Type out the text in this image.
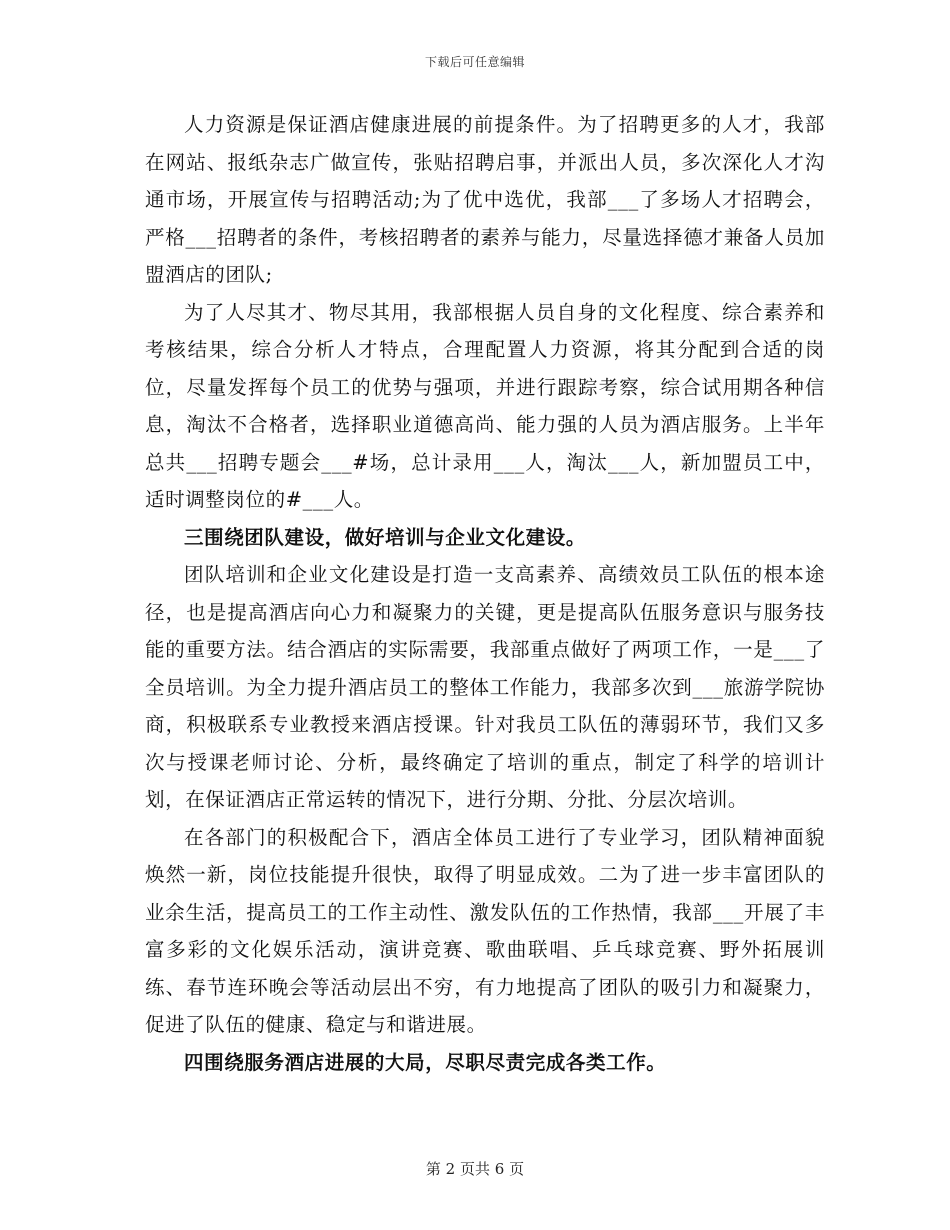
下载后可任意编辑

人力资源是保证酒店健康进展的前提条件。为了招聘更多的人才，我部在网站、报纸杂志广做宣传，张贴招聘启事，并派出人员，多次深化人才沟通市场，开展宣传与招聘活动;为了优中选优，我部___了多场人才招聘会，严格___招聘者的条件，考核招聘者的素养与能力，尽量选择德才兼备人员加盟酒店的团队;

为了人尽其才、物尽其用，我部根据人员自身的文化程度、综合素养和考核结果，综合分析人才特点，合理配置人力资源，将其分配到合适的岗位，尽量发挥每个员工的优势与强项，并进行跟踪考察，综合试用期各种信息，淘汰不合格者，选择职业道德高尚、能力强的人员为酒店服务。上半年总共___招聘专题会___#场，总计录用___人，淘汰___人，新加盟员工中，适时调整岗位的#___人。

三围绕团队建设，做好培训与企业文化建设。

团队培训和企业文化建设是打造一支高素养、高绩效员工队伍的根本途径，也是提高酒店向心力和凝聚力的关键，更是提高队伍服务意识与服务技能的重要方法。结合酒店的实际需要，我部重点做好了两项工作，一是___了全员培训。为全力提升酒店员工的整体工作能力，我部多次到___旅游学院协商，积极联系专业教授来酒店授课。针对我员工队伍的薄弱环节，我们又多次与授课老师讨论、分析，最终确定了培训的重点，制定了科学的培训计划，在保证酒店正常运转的情况下，进行分期、分批、分层次培训。

在各部门的积极配合下，酒店全体员工进行了专业学习，团队精神面貌焕然一新，岗位技能提升很快，取得了明显成效。二为了进一步丰富团队的业余生活，提高员工的工作主动性、激发队伍的工作热情，我部___开展了丰富多彩的文化娱乐活动，演讲竞赛、歌曲联唱、乒乓球竞赛、野外拓展训练、春节连环晚会等活动层出不穷，有力地提高了团队的吸引力和凝聚力，促进了队伍的健康、稳定与和谐进展。

四围绕服务酒店进展的大局，尽职尽责完成各类工作。

第 2 页共 6 页
